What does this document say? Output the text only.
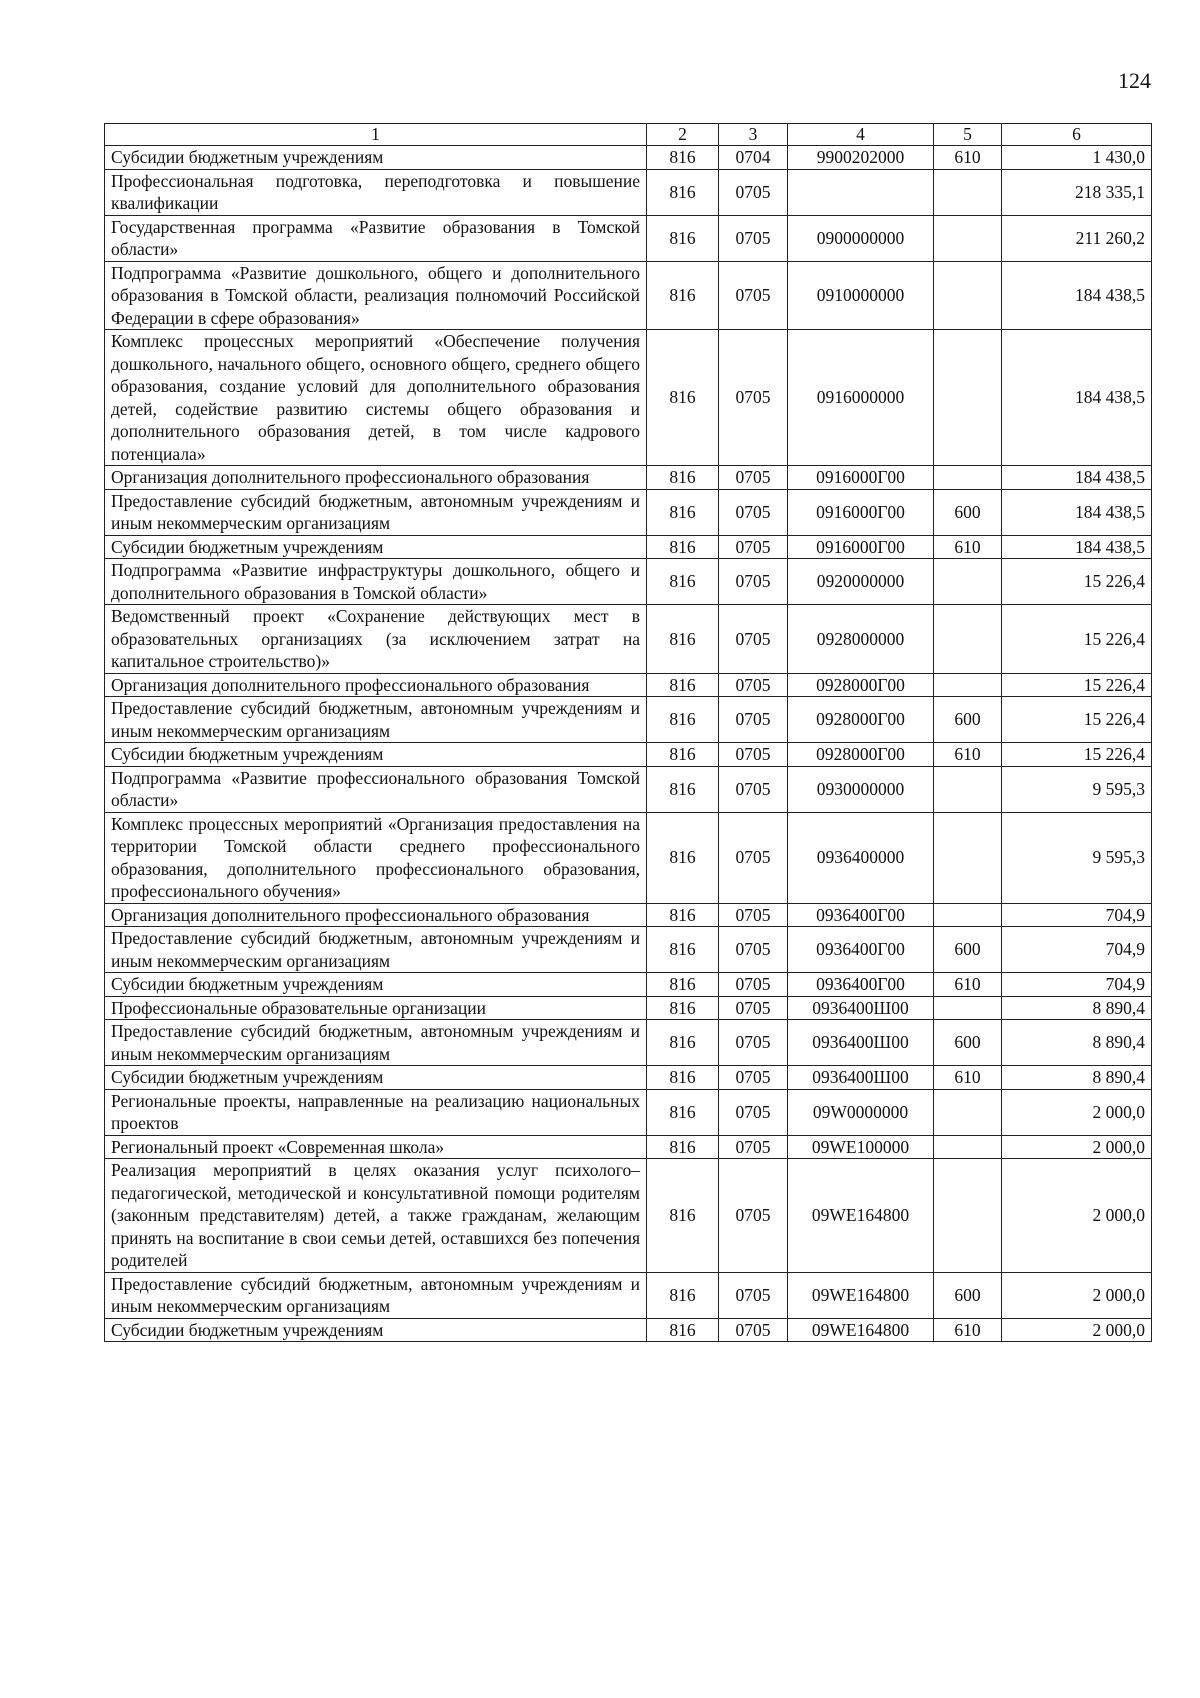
124
1	2	3	4	5	6
Субсидии бюджетным учреждениям	816	0704	9900202000	610	1 430,0
Профессиональная подготовка, переподготовка и повышение квалификации	816	0705			218 335,1
Государственная программа «Развитие образования в Томской области»	816	0705	0900000000		211 260,2
Подпрограмма «Развитие дошкольного, общего и дополнительного образования в Томской области, реализация полномочий Российской Федерации в сфере образования»	816	0705	0910000000		184 438,5
Комплекс процессных мероприятий «Обеспечение получения дошкольного, начального общего, основного общего, среднего общего образования, создание условий для дополнительного образования детей, содействие развитию системы общего образования и дополнительного образования детей, в том числе кадрового потенциала»	816	0705	0916000000		184 438,5
Организация дополнительного профессионального образования	816	0705	0916000Г00		184 438,5
Предоставление субсидий бюджетным, автономным учреждениям и иным некоммерческим организациям	816	0705	0916000Г00	600	184 438,5
Субсидии бюджетным учреждениям	816	0705	0916000Г00	610	184 438,5
Подпрограмма «Развитие инфраструктуры дошкольного, общего и дополнительного образования в Томской области»	816	0705	0920000000		15 226,4
Ведомственный проект «Сохранение действующих мест в образовательных организациях (за исключением затрат на капитальное строительство)»	816	0705	0928000000		15 226,4
Организация дополнительного профессионального образования	816	0705	0928000Г00		15 226,4
Предоставление субсидий бюджетным, автономным учреждениям и иным некоммерческим организациям	816	0705	0928000Г00	600	15 226,4
Субсидии бюджетным учреждениям	816	0705	0928000Г00	610	15 226,4
Подпрограмма «Развитие профессионального образования Томской области»	816	0705	0930000000		9 595,3
Комплекс процессных мероприятий «Организация предоставления на территории Томской области среднего профессионального образования, дополнительного профессионального образования, профессионального обучения»	816	0705	0936400000		9 595,3
Организация дополнительного профессионального образования	816	0705	0936400Г00		704,9
Предоставление субсидий бюджетным, автономным учреждениям и иным некоммерческим организациям	816	0705	0936400Г00	600	704,9
Субсидии бюджетным учреждениям	816	0705	0936400Г00	610	704,9
Профессиональные образовательные организации	816	0705	0936400Ш00		8 890,4
Предоставление субсидий бюджетным, автономным учреждениям и иным некоммерческим организациям	816	0705	0936400Ш00	600	8 890,4
Субсидии бюджетным учреждениям	816	0705	0936400Ш00	610	8 890,4
Региональные проекты, направленные на реализацию национальных проектов	816	0705	09W0000000		2 000,0
Региональный проект «Современная школа»	816	0705	09WE100000		2 000,0
Реализация мероприятий в целях оказания услуг психолого–педагогической, методической и консультативной помощи родителям (законным представителям) детей, а также гражданам, желающим принять на воспитание в свои семьи детей, оставшихся без попечения родителей	816	0705	09WE164800		2 000,0
Предоставление субсидий бюджетным, автономным учреждениям и иным некоммерческим организациям	816	0705	09WE164800	600	2 000,0
Субсидии бюджетным учреждениям	816	0705	09WE164800	610	2 000,0
